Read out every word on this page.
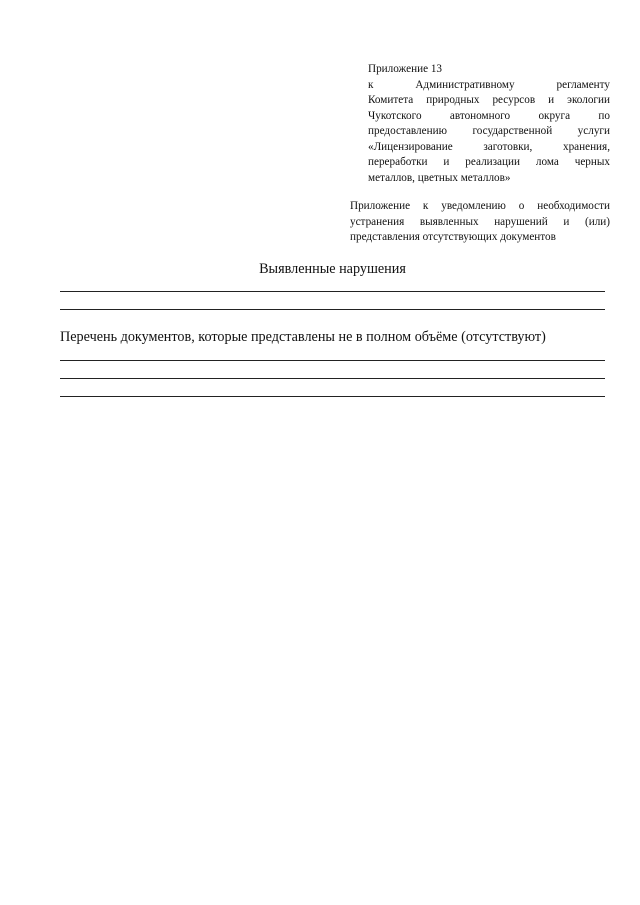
Приложение 13
к Административному регламенту
Комитета природных ресурсов и экологии
Чукотского автономного округа по
предоставлению государственной услуги
«Лицензирование заготовки, хранения,
переработки и реализации лома черных
металлов, цветных металлов»
Приложение к уведомлению о необходимости
устранения выявленных нарушений и (или)
представления отсутствующих документов
Выявленные нарушения
Перечень документов, которые представлены не в полном объёме (отсутствуют)
